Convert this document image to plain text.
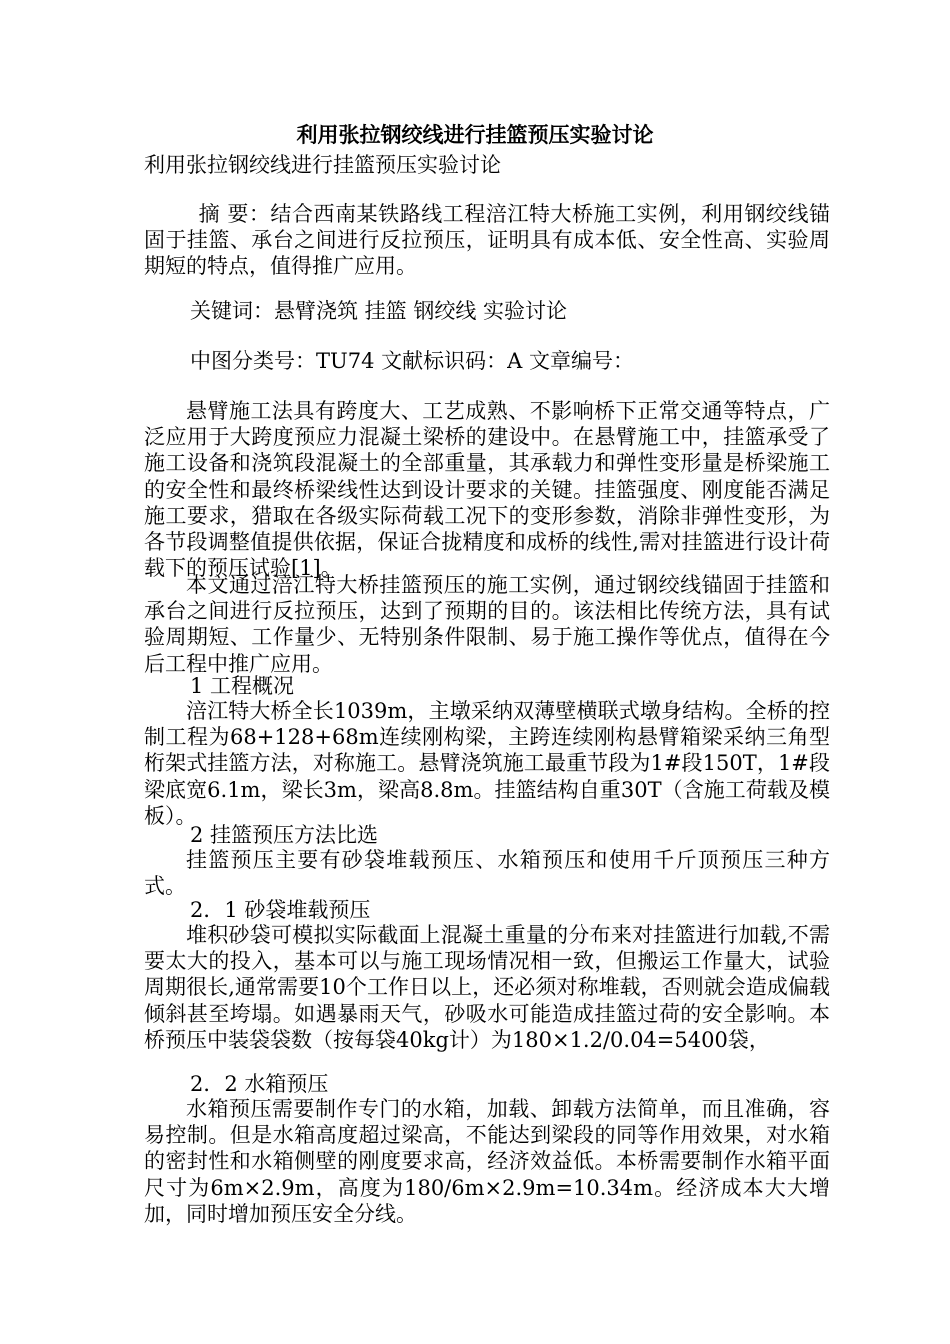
利用张拉钢绞线进行挂篮预压实验讨论
利用张拉钢绞线进行挂篮预压实验讨论
摘 要：结合西南某铁路线工程涪江特大桥施工实例，利用钢绞线锚固于挂篮、承台之间进行反拉预压，证明具有成本低、安全性高、实验周期短的特点，值得推广应用。
关键词：悬臂浇筑 挂篮 钢绞线 实验讨论
中图分类号：TU74 文献标识码：A 文章编号：
悬臂施工法具有跨度大、工艺成熟、不影响桥下正常交通等特点，广泛应用于大跨度预应力混凝土梁桥的建设中。在悬臂施工中，挂篮承受了施工设备和浇筑段混凝土的全部重量，其承载力和弹性变形量是桥梁施工的安全性和最终桥梁线性达到设计要求的关键。挂篮强度、刚度能否满足施工要求，猎取在各级实际荷载工况下的变形参数，消除非弹性变形，为各节段调整值提供依据，保证合拢精度和成桥的线性,需对挂篮进行设计荷载下的预压试验[1]。
本文通过涪江特大桥挂篮预压的施工实例，通过钢绞线锚固于挂篮和承台之间进行反拉预压，达到了预期的目的。该法相比传统方法，具有试验周期短、工作量少、无特别条件限制、易于施工操作等优点，值得在今后工程中推广应用。
1 工程概况
涪江特大桥全长1039m，主墩采纳双薄壁横联式墩身结构。全桥的控制工程为68+128+68m连续刚构梁，主跨连续刚构悬臂箱梁采纳三角型桁架式挂篮方法，对称施工。悬臂浇筑施工最重节段为1#段150T，1#段梁底宽6.1m，梁长3m，梁高8.8m。挂篮结构自重30T（含施工荷载及模板）。
2 挂篮预压方法比选
挂篮预压主要有砂袋堆载预压、水箱预压和使用千斤顶预压三种方式。
2．1 砂袋堆载预压
堆积砂袋可模拟实际截面上混凝土重量的分布来对挂篮进行加载,不需要太大的投入，基本可以与施工现场情况相一致，但搬运工作量大，试验周期很长,通常需要10个工作日以上，还必须对称堆载，否则就会造成偏载倾斜甚至垮塌。如遇暴雨天气，砂吸水可能造成挂篮过荷的安全影响。本桥预压中装袋袋数（按每袋40kg计）为180×1.2/0.04=5400袋，
2．2 水箱预压
水箱预压需要制作专门的水箱，加载、卸载方法简单，而且准确，容易控制。但是水箱高度超过梁高，不能达到梁段的同等作用效果，对水箱的密封性和水箱侧壁的刚度要求高，经济效益低。本桥需要制作水箱平面尺寸为6m×2.9m，高度为180/6m×2.9m=10.34m。经济成本大大增加，同时增加预压安全分线。
